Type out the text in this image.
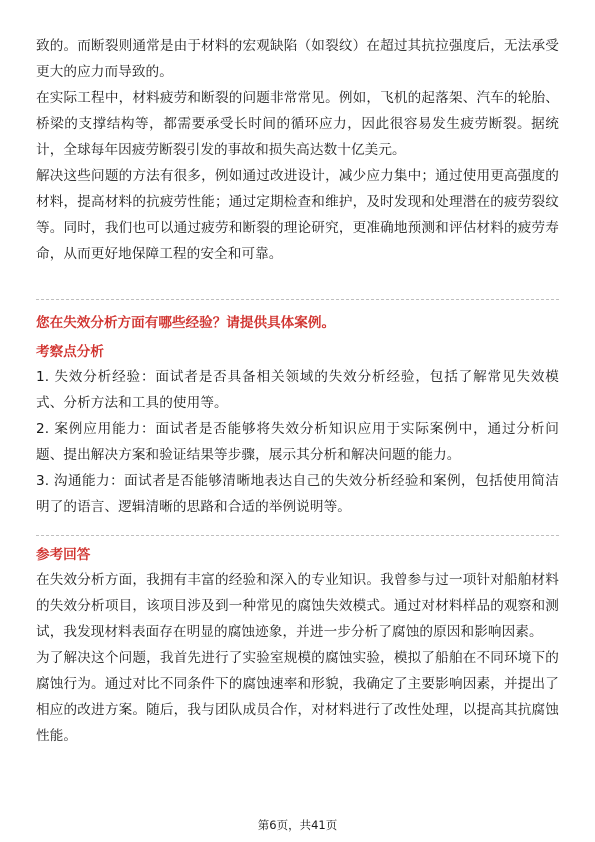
致的。而断裂则通常是由于材料的宏观缺陷（如裂纹）在超过其抗拉强度后，无法承受更大的应力而导致的。

在实际工程中，材料疲劳和断裂的问题非常常见。例如，飞机的起落架、汽车的轮胎、桥梁的支撑结构等，都需要承受长时间的循环应力，因此很容易发生疲劳断裂。据统计，全球每年因疲劳断裂引发的事故和损失高达数十亿美元。

解决这些问题的方法有很多，例如通过改进设计，减少应力集中；通过使用更高强度的材料，提高材料的抗疲劳性能；通过定期检查和维护，及时发现和处理潜在的疲劳裂纹等。同时，我们也可以通过疲劳和断裂的理论研究，更准确地预测和评估材料的疲劳寿命，从而更好地保障工程的安全和可靠。

您在失效分析方面有哪些经验？请提供具体案例。

考察点分析

1. 失效分析经验：面试者是否具备相关领域的失效分析经验，包括了解常见失效模式、分析方法和工具的使用等。

2. 案例应用能力：面试者是否能够将失效分析知识应用于实际案例中，通过分析问题、提出解决方案和验证结果等步骤，展示其分析和解决问题的能力。

3. 沟通能力：面试者是否能够清晰地表达自己的失效分析经验和案例，包括使用简洁明了的语言、逻辑清晰的思路和合适的举例说明等。

参考回答

在失效分析方面，我拥有丰富的经验和深入的专业知识。我曾参与过一项针对船舶材料的失效分析项目，该项目涉及到一种常见的腐蚀失效模式。通过对材料样品的观察和测试，我发现材料表面存在明显的腐蚀迹象，并进一步分析了腐蚀的原因和影响因素。

为了解决这个问题，我首先进行了实验室规模的腐蚀实验，模拟了船舶在不同环境下的腐蚀行为。通过对比不同条件下的腐蚀速率和形貌，我确定了主要影响因素，并提出了相应的改进方案。随后，我与团队成员合作，对材料进行了改性处理，以提高其抗腐蚀性能。

第6页，共41页
